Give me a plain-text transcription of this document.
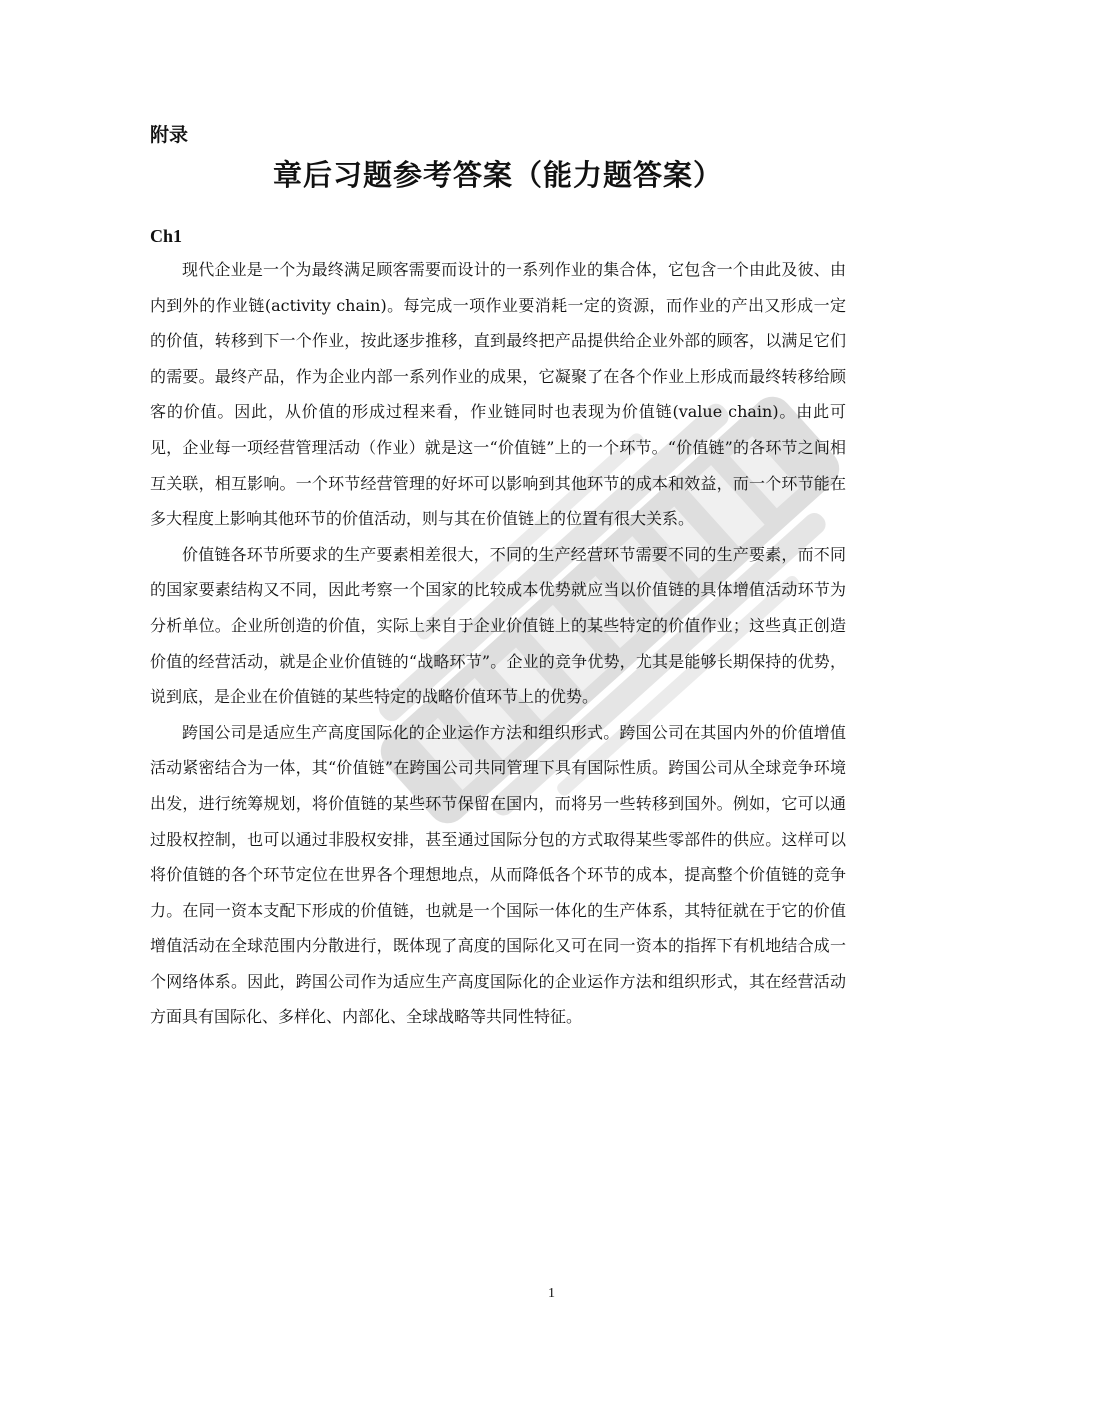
附录
章后习题参考答案（能力题答案）
Ch1

现代企业是一个为最终满足顾客需要而设计的一系列作业的集合体，它包含一个由此及彼、由内到外的作业链(activity chain)。每完成一项作业要消耗一定的资源，而作业的产出又形成一定的价值，转移到下一个作业，按此逐步推移，直到最终把产品提供给企业外部的顾客，以满足它们的需要。最终产品，作为企业内部一系列作业的成果，它凝聚了在各个作业上形成而最终转移给顾客的价值。因此，从价值的形成过程来看，作业链同时也表现为价值链(value chain)。由此可见，企业每一项经营管理活动（作业）就是这一“价值链”上的一个环节。“价值链”的各环节之间相互关联，相互影响。一个环节经营管理的好坏可以影响到其他环节的成本和效益，而一个环节能在多大程度上影响其他环节的价值活动，则与其在价值链上的位置有很大关系。

价值链各环节所要求的生产要素相差很大，不同的生产经营环节需要不同的生产要素，而不同的国家要素结构又不同，因此考察一个国家的比较成本优势就应当以价值链的具体增值活动环节为分析单位。企业所创造的价值，实际上来自于企业价值链上的某些特定的价值作业；这些真正创造价值的经营活动，就是企业价值链的“战略环节”。企业的竞争优势，尤其是能够长期保持的优势，说到底，是企业在价值链的某些特定的战略价值环节上的优势。

跨国公司是适应生产高度国际化的企业运作方法和组织形式。跨国公司在其国内外的价值增值活动紧密结合为一体，其“价值链”在跨国公司共同管理下具有国际性质。跨国公司从全球竞争环境出发，进行统筹规划，将价值链的某些环节保留在国内，而将另一些转移到国外。例如，它可以通过股权控制，也可以通过非股权安排，甚至通过国际分包的方式取得某些零部件的供应。这样可以将价值链的各个环节定位在世界各个理想地点，从而降低各个环节的成本，提高整个价值链的竞争力。在同一资本支配下形成的价值链，也就是一个国际一体化的生产体系，其特征就在于它的价值增值活动在全球范围内分散进行，既体现了高度的国际化又可在同一资本的指挥下有机地结合成一个网络体系。因此，跨国公司作为适应生产高度国际化的企业运作方法和组织形式，其在经营活动方面具有国际化、多样化、内部化、全球战略等共同性特征。

1
